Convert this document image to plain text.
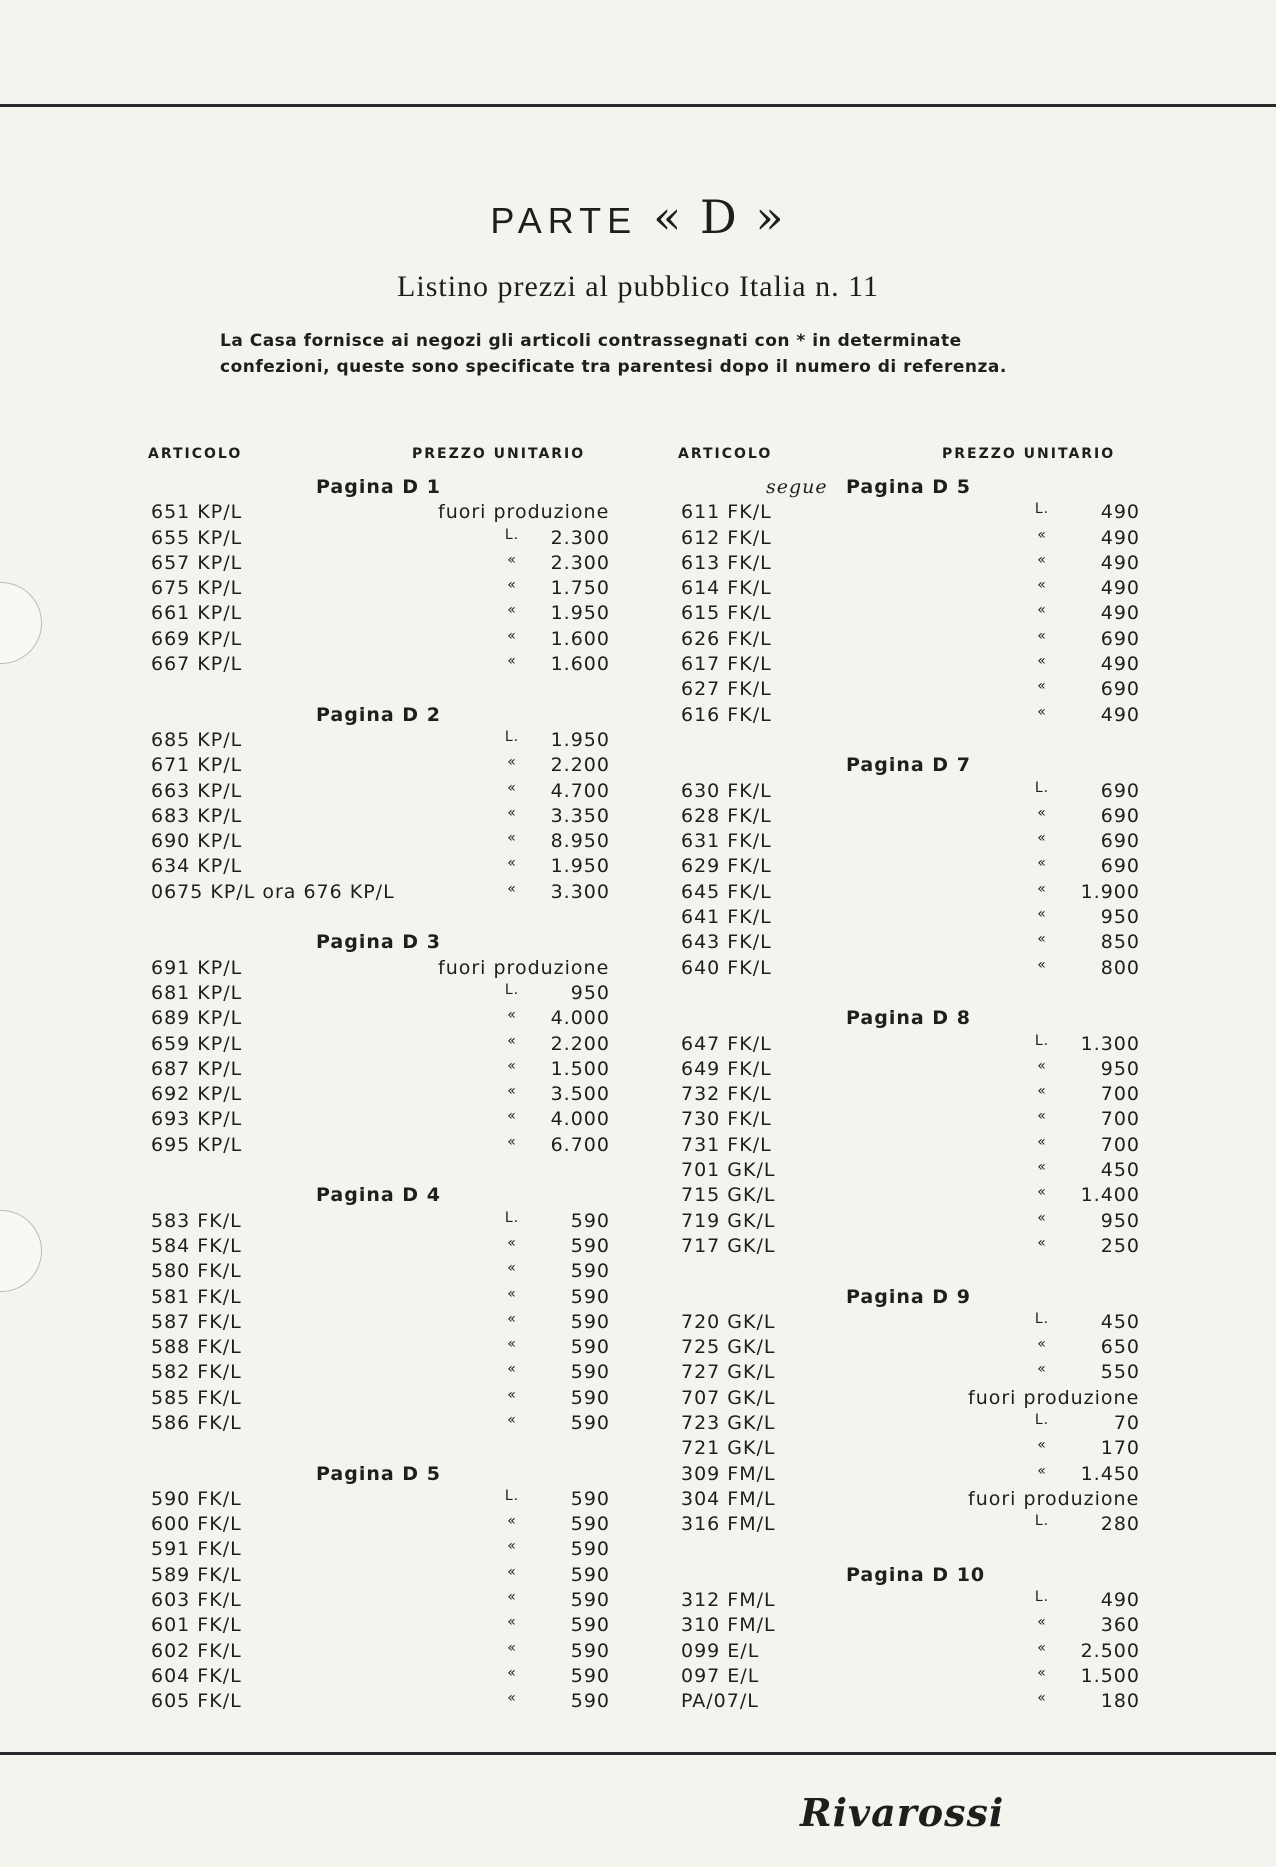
PARTE « D »
Listino prezzi al pubblico Italia n. 11
La Casa fornisce ai negozi gli articoli contrassegnati con * in determinate
confezioni, queste sono specificate tra parentesi dopo il numero di referenza.
ARTICOLO	PREZZO UNITARIO
Pagina D 1
651 KP/L	fuori produzione
655 KP/L	L.	2.300
657 KP/L	«	2.300
675 KP/L	«	1.750
661 KP/L	«	1.950
669 KP/L	«	1.600
667 KP/L	«	1.600
Pagina D 2
685 KP/L	L.	1.950
671 KP/L	«	2.200
663 KP/L	«	4.700
683 KP/L	«	3.350
690 KP/L	«	8.950
634 KP/L	«	1.950
0675 KP/L ora 676 KP/L	«	3.300
Pagina D 3
691 KP/L	fuori produzione
681 KP/L	L.	950
689 KP/L	«	4.000
659 KP/L	«	2.200
687 KP/L	«	1.500
692 KP/L	«	3.500
693 KP/L	«	4.000
695 KP/L	«	6.700
Pagina D 4
583 FK/L	L.	590
584 FK/L	«	590
580 FK/L	«	590
581 FK/L	«	590
587 FK/L	«	590
588 FK/L	«	590
582 FK/L	«	590
585 FK/L	«	590
586 FK/L	«	590
Pagina D 5
590 FK/L	L.	590
600 FK/L	«	590
591 FK/L	«	590
589 FK/L	«	590
603 FK/L	«	590
601 FK/L	«	590
602 FK/L	«	590
604 FK/L	«	590
605 FK/L	«	590
ARTICOLO	PREZZO UNITARIO
segue Pagina D 5
611 FK/L	L.	490
612 FK/L	«	490
613 FK/L	«	490
614 FK/L	«	490
615 FK/L	«	490
626 FK/L	«	690
617 FK/L	«	490
627 FK/L	«	690
616 FK/L	«	490
Pagina D 7
630 FK/L	L.	690
628 FK/L	«	690
631 FK/L	«	690
629 FK/L	«	690
645 FK/L	«	1.900
641 FK/L	«	950
643 FK/L	«	850
640 FK/L	«	800
Pagina D 8
647 FK/L	L.	1.300
649 FK/L	«	950
732 FK/L	«	700
730 FK/L	«	700
731 FK/L	«	700
701 GK/L	«	450
715 GK/L	«	1.400
719 GK/L	«	950
717 GK/L	«	250
Pagina D 9
720 GK/L	L.	450
725 GK/L	«	650
727 GK/L	«	550
707 GK/L	fuori produzione
723 GK/L	L.	70
721 GK/L	«	170
309 FM/L	«	1.450
304 FM/L	fuori produzione
316 FM/L	L.	280
Pagina D 10
312 FM/L	L.	490
310 FM/L	«	360
099 E/L	«	2.500
097 E/L	«	1.500
PA/07/L	«	180
Rivarossi
